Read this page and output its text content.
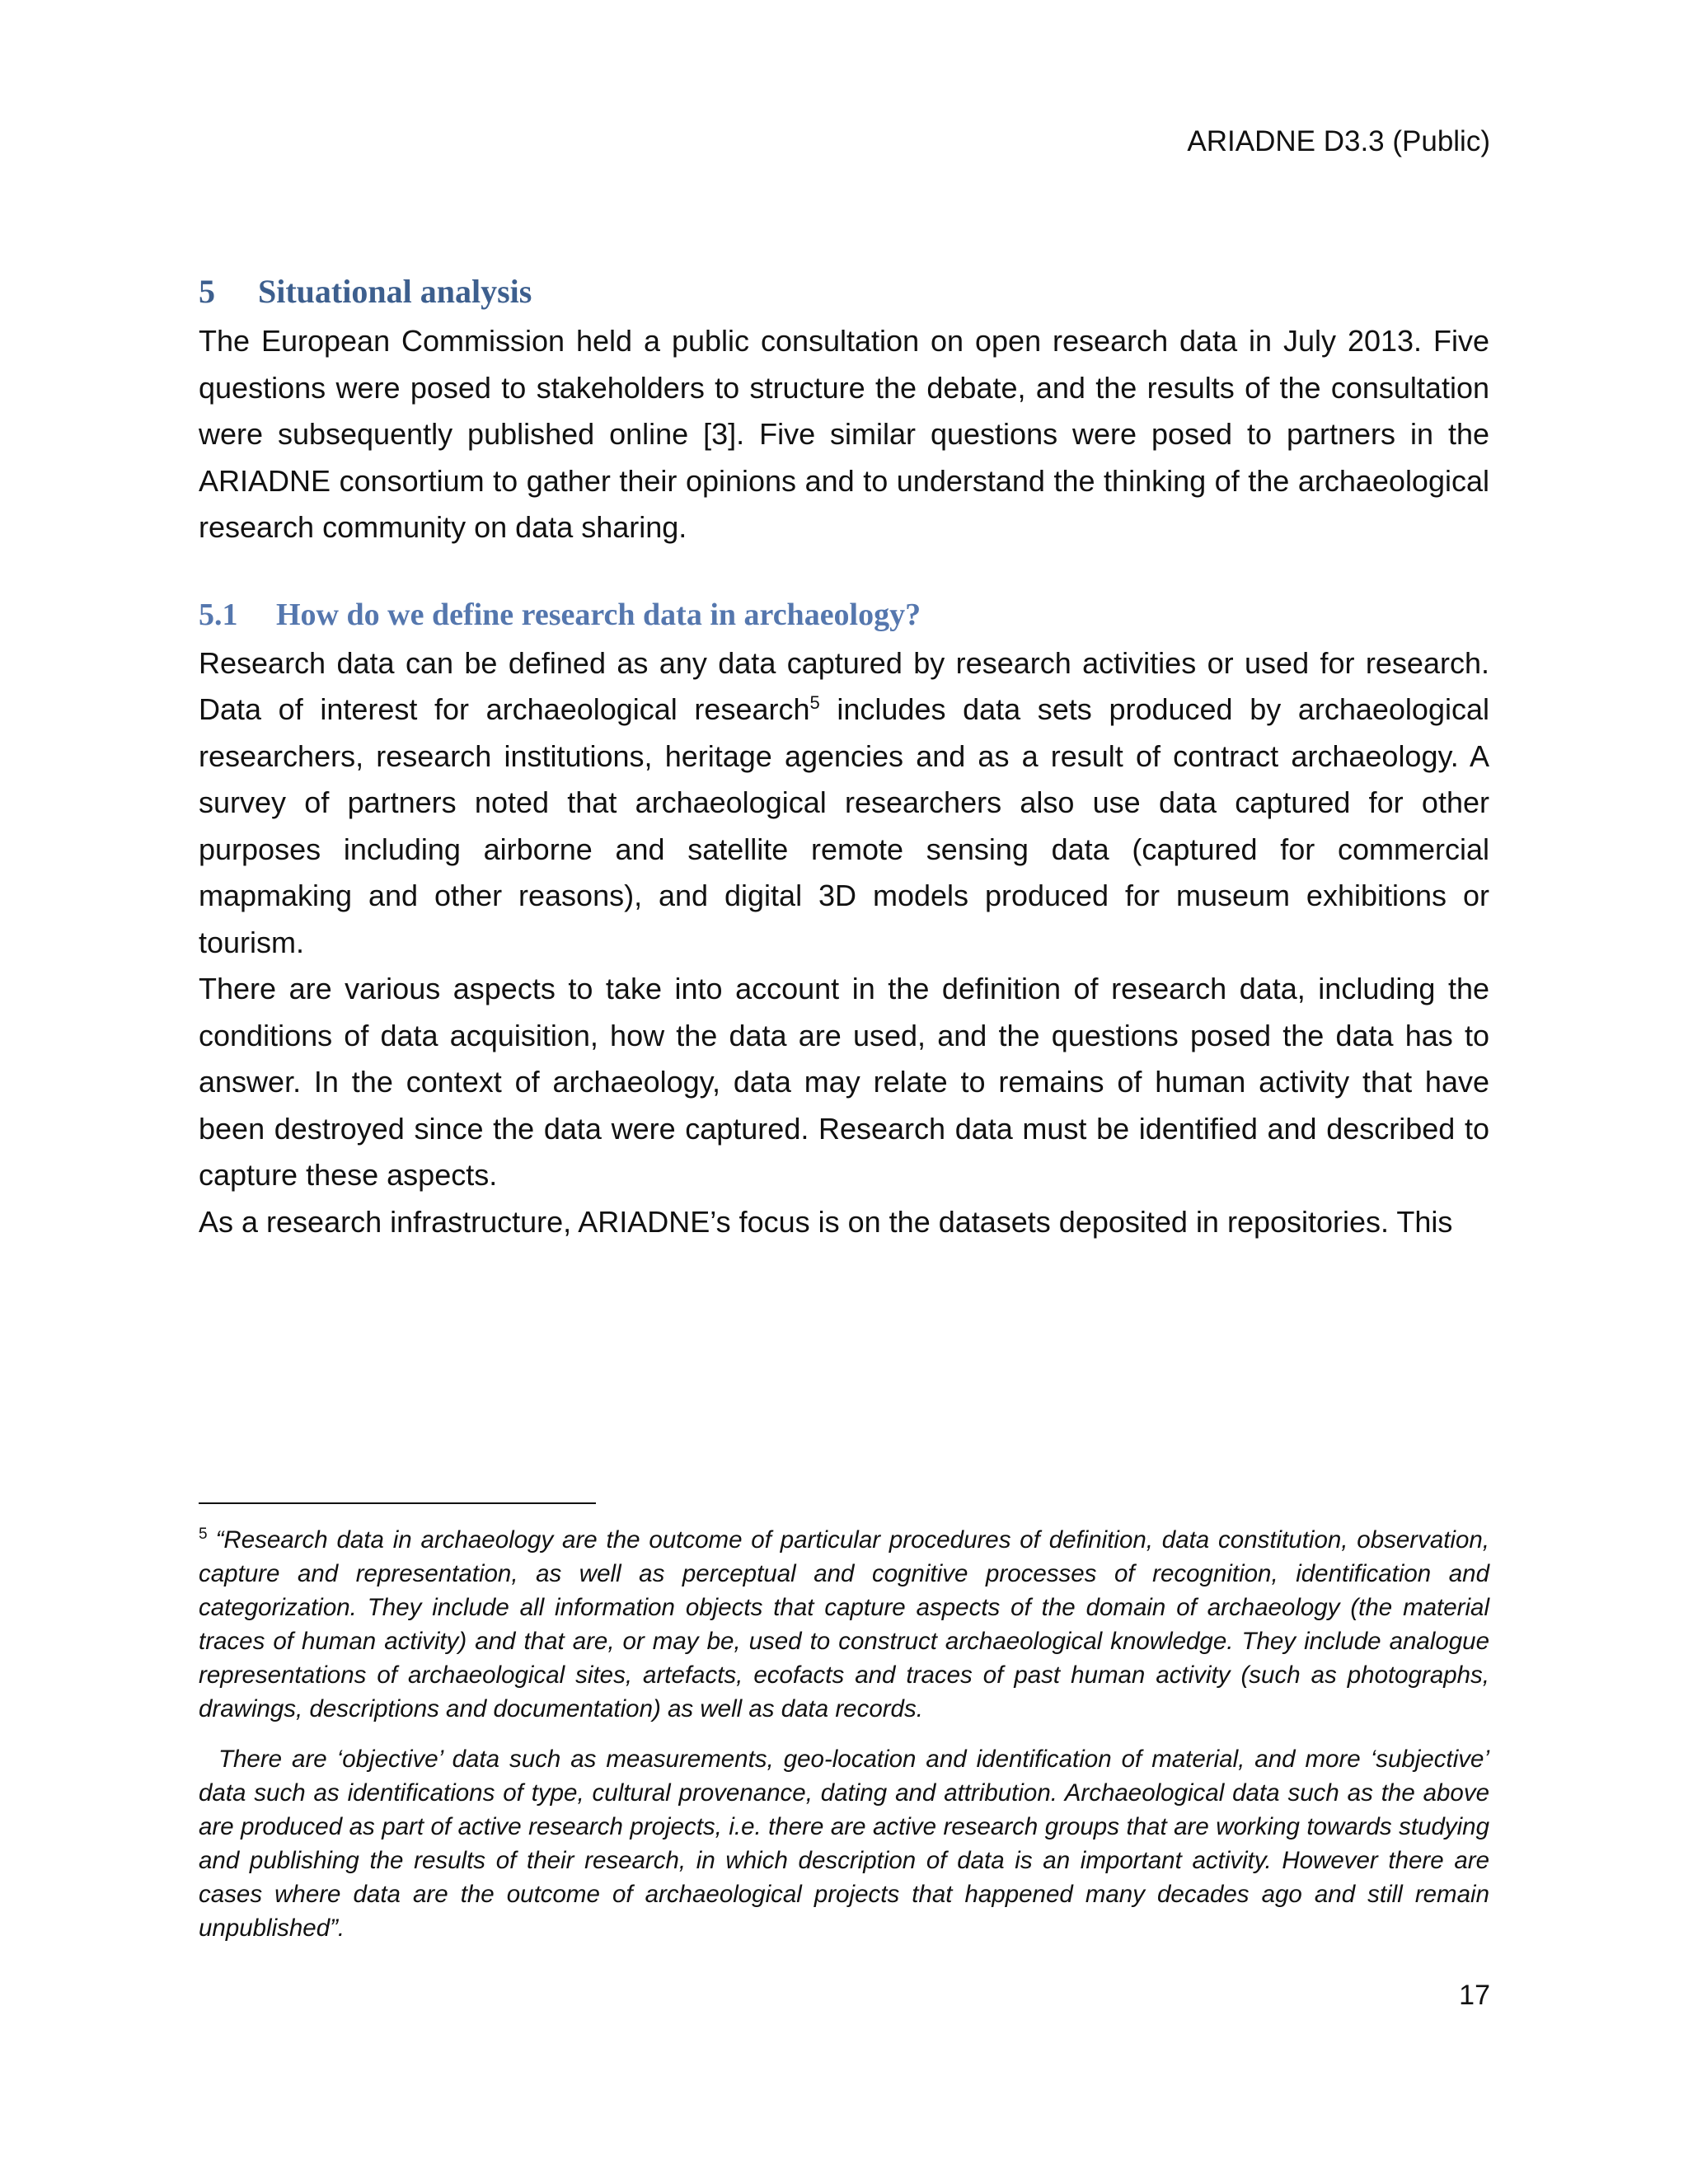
ARIADNE D3.3 (Public)
5	Situational analysis

The European Commission held a public consultation on open research data in July 2013. Five questions were posed to stakeholders to structure the debate, and the results of the consultation were subsequently published online [3]. Five similar questions were posed to partners in the ARIADNE consortium to gather their opinions and to understand the thinking of the archaeological research community on data sharing.

5.1	How do we define research data in archaeology?

Research data can be defined as any data captured by research activities or used for research. Data of interest for archaeological research$^5$ includes data sets produced by archaeological researchers, research institutions, heritage agencies and as a result of contract archaeology. A survey of partners noted that archaeological researchers also use data captured for other purposes including airborne and satellite remote sensing data (captured for commercial mapmaking and other reasons), and digital 3D models produced for museum exhibitions or tourism.

There are various aspects to take into account in the definition of research data, including the conditions of data acquisition, how the data are used, and the questions posed the data has to answer. In the context of archaeology, data may relate to remains of human activity that have been destroyed since the data were captured. Research data must be identified and described to capture these aspects.

As a research infrastructure, ARIADNE’s focus is on the datasets deposited in repositories. This

$^5$ “Research data in archaeology are the outcome of particular procedures of definition, data constitution, observation, capture and representation, as well as perceptual and cognitive processes of recognition, identification and categorization. They include all information objects that capture aspects of the domain of archaeology (the material traces of human activity) and that are, or may be, used to construct archaeological knowledge. They include analogue representations of archaeological sites, artefacts, ecofacts and traces of past human activity (such as photographs, drawings, descriptions and documentation) as well as data records.

There are ‘objective’ data such as measurements, geo-location and identification of material, and more ‘subjective’ data such as identifications of type, cultural provenance, dating and attribution. Archaeological data such as the above are produced as part of active research projects, i.e. there are active research groups that are working towards studying and publishing the results of their research, in which description of data is an important activity. However there are cases where data are the outcome of archaeological projects that happened many decades ago and still remain unpublished”.

17
